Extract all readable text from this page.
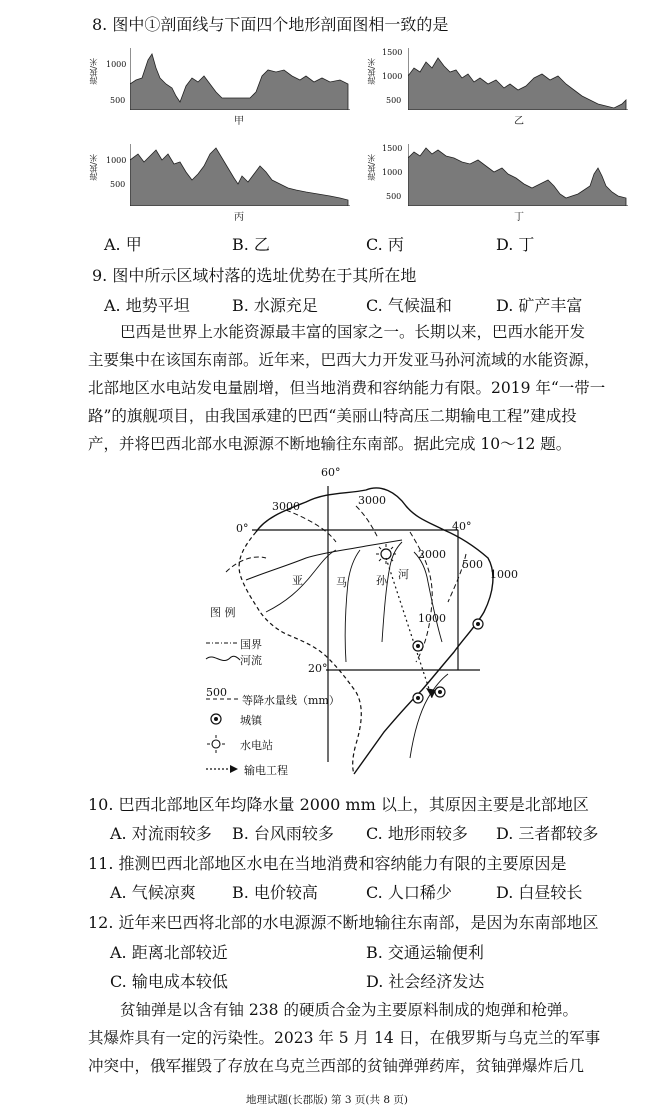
8. 图中①剖面线与下面四个地形剖面图相一致的是
海拔/米 1000
500
甲
海拔/米
1500
1000
500
乙
海拔/米 1000
500
丙
海拔/米
1500
1000
500
丁
A. 甲	B. 乙	C. 丙	D. 丁
9. 图中所示区域村落的选址优势在于其所在地
A. 地势平坦	B. 水源充足	C. 气候温和	D. 矿产丰富
巴西是世界上水能资源最丰富的国家之一。长期以来，巴西水能开发
主要集中在该国东南部。近年来，巴西大力开发亚马孙河流域的水能资源，
北部地区水电站发电量剧增，但当地消费和容纳能力有限。2019 年“一带一
路”的旗舰项目，由我国承建的巴西“美丽山特高压二期输电工程”建成投
产，并将巴西北部水电源源不断地输往东南部。据此完成 10～12 题。
60°
40°
0°
20°
3000	3000
2000
500
1000
1000
亚	马	孙 河
图 例
国界
河流
500
等降水量线（mm）
城镇
水电站
输电工程
10. 巴西北部地区年均降水量 2000 mm 以上，其原因主要是北部地区
A. 对流雨较多 B. 台风雨较多 C. 地形雨较多 D. 三者都较多
11. 推测巴西北部地区水电在当地消费和容纳能力有限的主要原因是
A. 气候凉爽 B. 电价较高	C. 人口稀少	D. 白昼较长
12. 近年来巴西将北部的水电源源不断地输往东南部，是因为东南部地区
A. 距离北部较近	B. 交通运输便利
C. 输电成本较低	D. 社会经济发达
贫铀弹是以含有铀 238 的硬质合金为主要原料制成的炮弹和枪弹。
其爆炸具有一定的污染性。2023 年 5 月 14 日，在俄罗斯与乌克兰的军事
冲突中，俄军摧毁了存放在乌克兰西部的贫铀弹弹药库，贫铀弹爆炸后几
地理试题(长郡版) 第 3 页(共 8 页)
